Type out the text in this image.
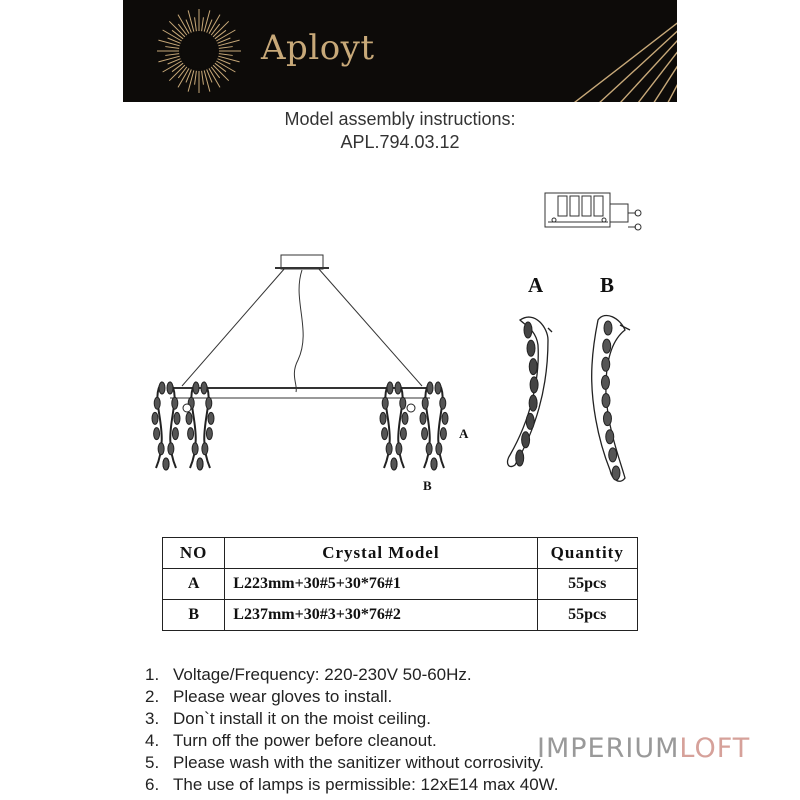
Aployt
Model assembly instructions:
APL.794.03.12
A
B
A	B
NO	Crystal Model	Quantity
A	L223mm+30#5+30*76#1	55pcs
B	L237mm+30#3+30*76#2	55pcs
1. Voltage/Frequency: 220-230V 50-60Hz.
2. Please wear gloves to install.
3. Don`t install it on the moist ceiling.
4. Turn off the power before cleanout.
5. Please wash with the sanitizer without corrosivity.
6. The use of lamps is permissible: 12xE14 max 40W.
IMPERIUMLOFT
